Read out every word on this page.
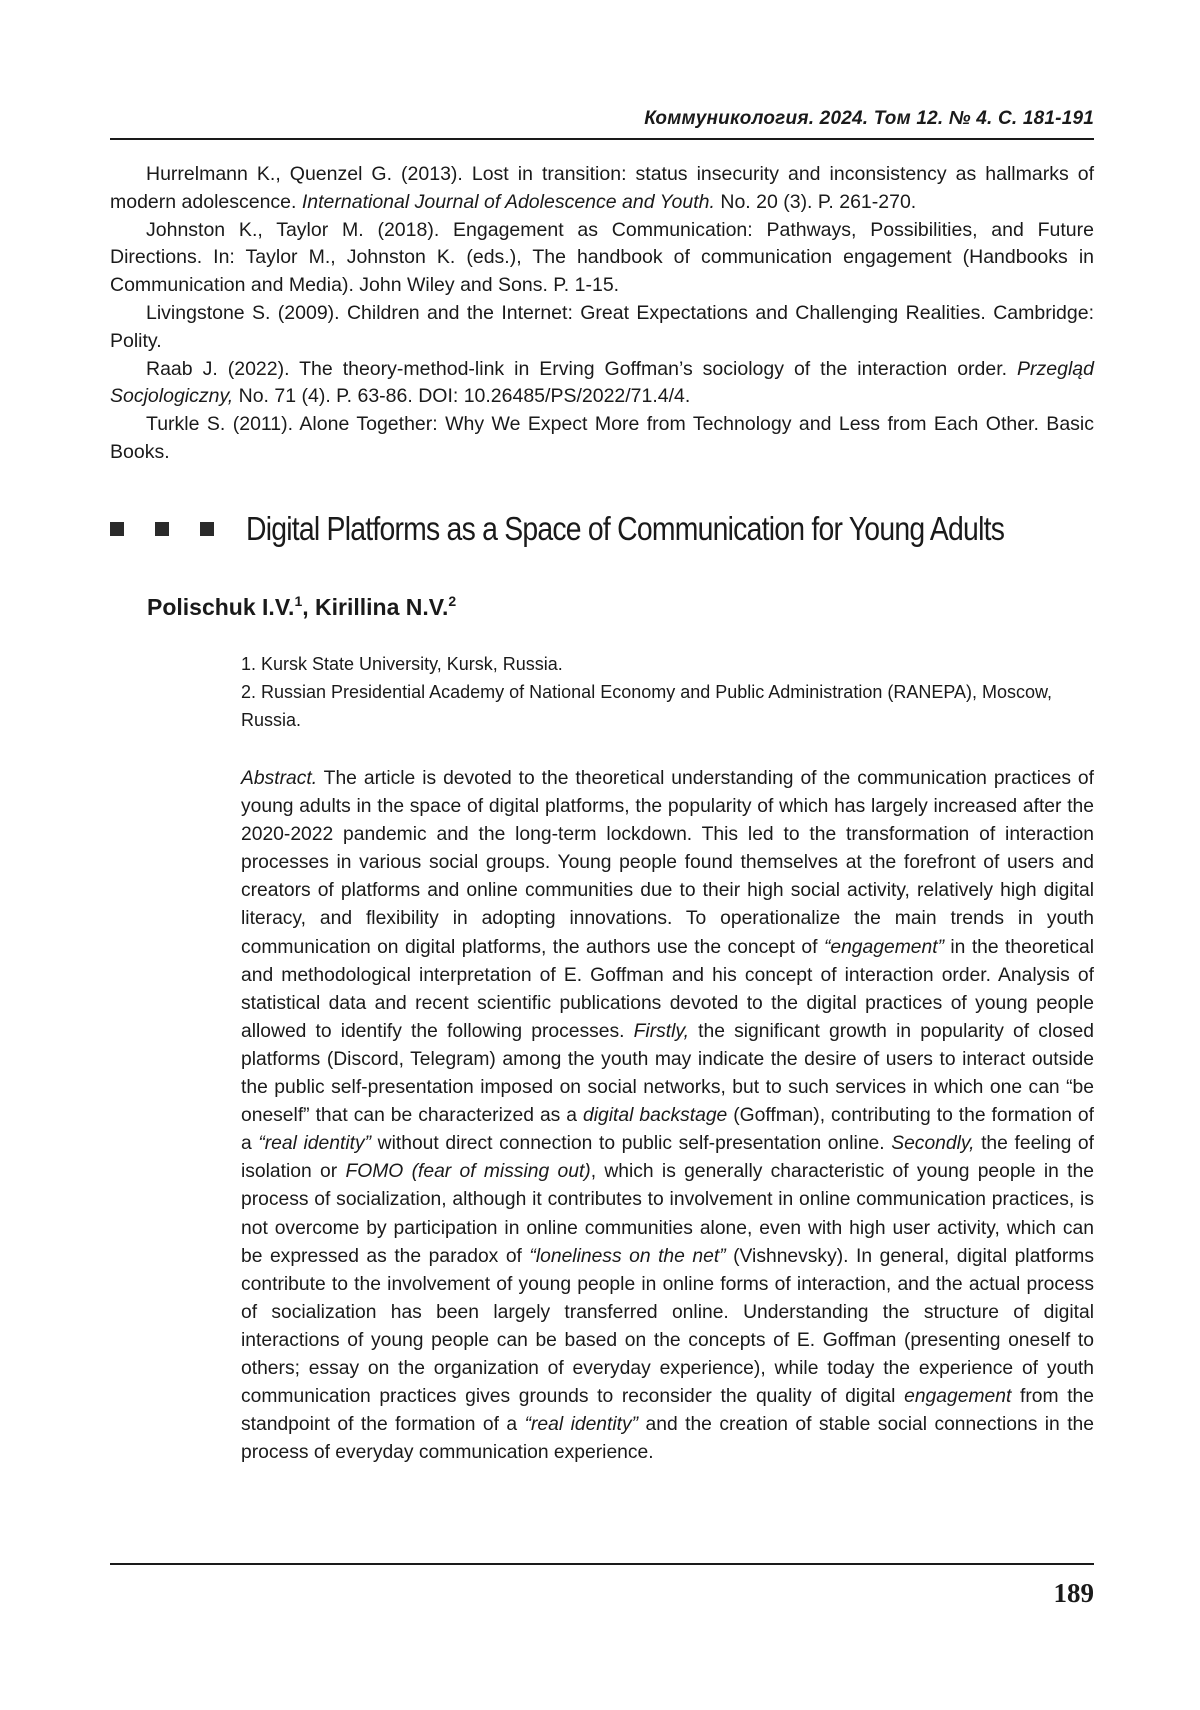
Коммуникология. 2024. Том 12. № 4. С. 181-191

Hurrelmann K., Quenzel G. (2013). Lost in transition: status insecurity and inconsistency as hallmarks of modern adolescence. International Journal of Adolescence and Youth. No. 20 (3). P. 261-270.

Johnston K., Taylor M. (2018). Engagement as Communication: Pathways, Possibilities, and Future Directions. In: Taylor M., Johnston K. (eds.), The handbook of communication engagement (Handbooks in Communication and Media). John Wiley and Sons. P. 1-15.

Livingstone S. (2009). Children and the Internet: Great Expectations and Challenging Realities. Cambridge: Polity.

Raab J. (2022). The theory-method-link in Erving Goffman’s sociology of the interaction order. Przegląd Socjologiczny, No. 71 (4). P. 63-86. DOI: 10.26485/PS/2022/71.4/4.

Turkle S. (2011). Alone Together: Why We Expect More from Technology and Less from Each Other. Basic Books.

Digital Platforms as a Space of Communication for Young Adults
Polischuk I.V.$^1$, Kirillina N.V.$^2$

1. Kursk State University, Kursk, Russia.

2. Russian Presidential Academy of National Economy and Public Administration (RANEPA), Moscow, Russia.

Abstract. The article is devoted to the theoretical understanding of the communication practices of young adults in the space of digital platforms, the popularity of which has largely increased after the 2020-2022 pandemic and the long-term lockdown. This led to the transformation of interaction processes in various social groups. Young people found themselves at the forefront of users and creators of platforms and online communities due to their high social activity, relatively high digital literacy, and flexibility in adopting innovations. To operationalize the main trends in youth communication on digital platforms, the authors use the concept of “engagement” in the theoretical and methodological interpretation of E. Goffman and his concept of interaction order. Analysis of statistical data and recent scientific publications devoted to the digital practices of young people allowed to identify the following processes. Firstly, the significant growth in popularity of closed platforms (Discord, Telegram) among the youth may indicate the desire of users to interact outside the public self-presentation imposed on social networks, but to such services in which one can “be oneself” that can be characterized as a digital backstage (Goffman), contributing to the formation of a “real identity” without direct connection to public self-presentation online. Secondly, the feeling of isolation or FOMO (fear of missing out), which is generally characteristic of young people in the process of socialization, although it contributes to involvement in online communication practices, is not overcome by participation in online communities alone, even with high user activity, which can be expressed as the paradox of “loneliness on the net” (Vishnevsky). In general, digital platforms contribute to the involvement of young people in online forms of interaction, and the actual process of socialization has been largely transferred online. Understanding the structure of digital interactions of young people can be based on the concepts of E. Goffman (presenting oneself to others; essay on the organization of everyday experience), while today the experience of youth communication practices gives grounds to reconsider the quality of digital engagement from the standpoint of the formation of a “real identity” and the creation of stable social connections in the process of everyday communication experience.

189
